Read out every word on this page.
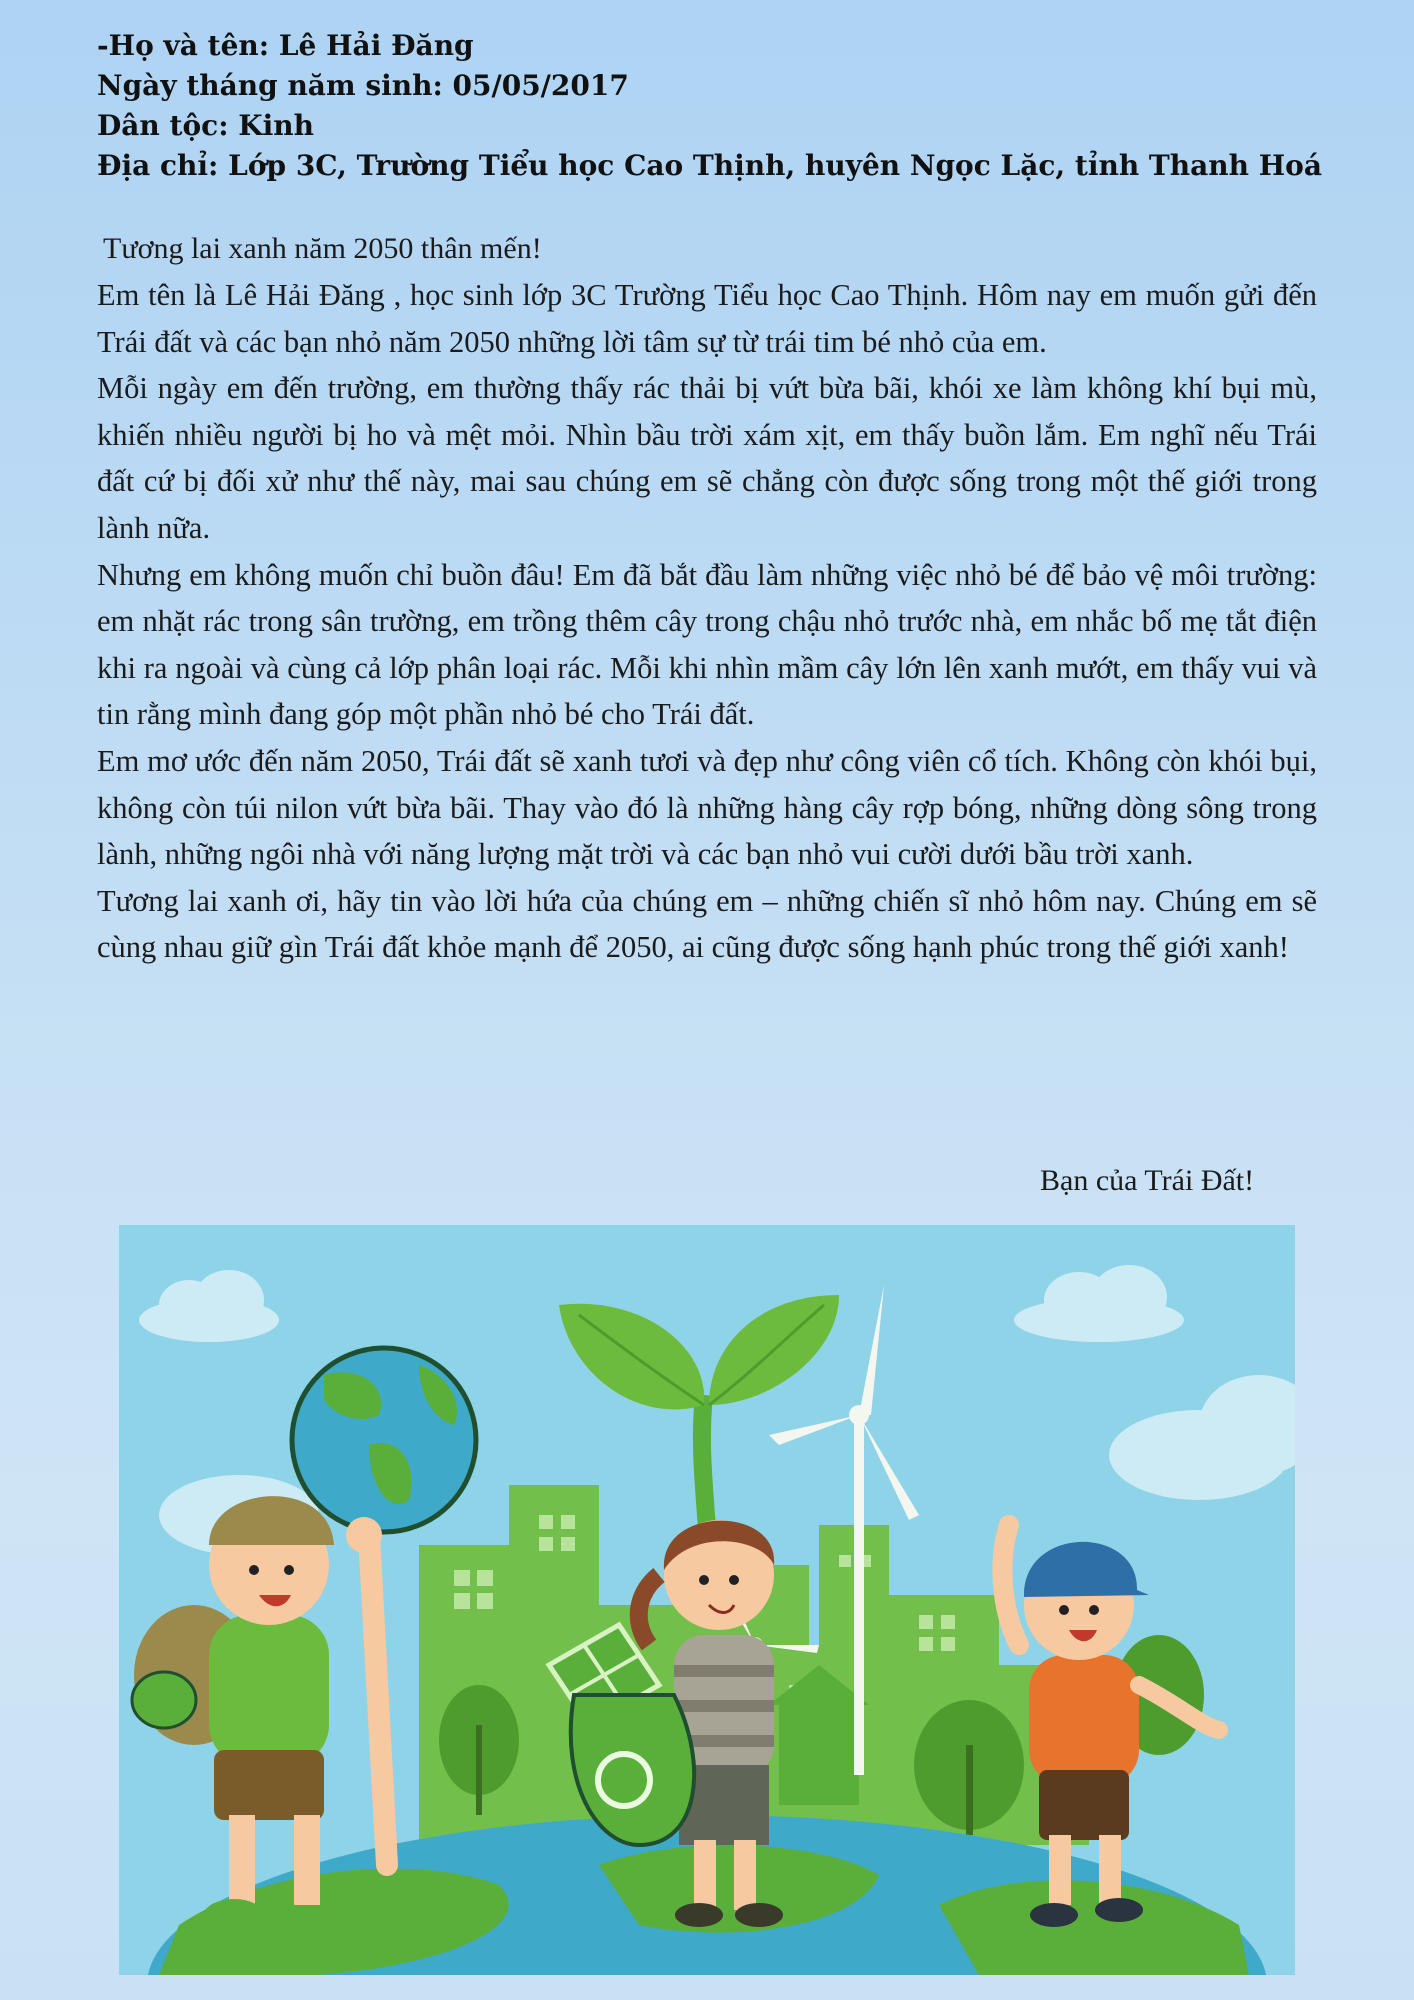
-Họ và tên: Lê Hải Đăng
Ngày tháng năm sinh: 05/05/2017
Dân tộc: Kinh
Địa chỉ: Lớp 3C, Trường Tiểu học Cao Thịnh, huyên Ngọc Lặc, tỉnh Thanh Hoá
Tương lai xanh năm 2050 thân mến!

Em tên là Lê Hải Đăng , học sinh lớp 3C Trường Tiểu học Cao Thịnh. Hôm nay em muốn gửi đến Trái đất và các bạn nhỏ năm 2050 những lời tâm sự từ trái tim bé nhỏ của em.

Mỗi ngày em đến trường, em thường thấy rác thải bị vứt bừa bãi, khói xe làm không khí bụi mù, khiến nhiều người bị ho và mệt mỏi. Nhìn bầu trời xám xịt, em thấy buồn lắm. Em nghĩ nếu Trái đất cứ bị đối xử như thế này, mai sau chúng em sẽ chẳng còn được sống trong một thế giới trong lành nữa.

Nhưng em không muốn chỉ buồn đâu! Em đã bắt đầu làm những việc nhỏ bé để bảo vệ môi trường: em nhặt rác trong sân trường, em trồng thêm cây trong chậu nhỏ trước nhà, em nhắc bố mẹ tắt điện khi ra ngoài và cùng cả lớp phân loại rác. Mỗi khi nhìn mầm cây lớn lên xanh mướt, em thấy vui và tin rằng mình đang góp một phần nhỏ bé cho Trái đất.

Em mơ ước đến năm 2050, Trái đất sẽ xanh tươi và đẹp như công viên cổ tích. Không còn khói bụi, không còn túi nilon vứt bừa bãi. Thay vào đó là những hàng cây rợp bóng, những dòng sông trong lành, những ngôi nhà với năng lượng mặt trời và các bạn nhỏ vui cười dưới bầu trời xanh.

Tương lai xanh ơi, hãy tin vào lời hứa của chúng em – những chiến sĩ nhỏ hôm nay. Chúng em sẽ cùng nhau giữ gìn Trái đất khỏe mạnh để 2050, ai cũng được sống hạnh phúc trong thế giới xanh!

Bạn của Trái Đất!
